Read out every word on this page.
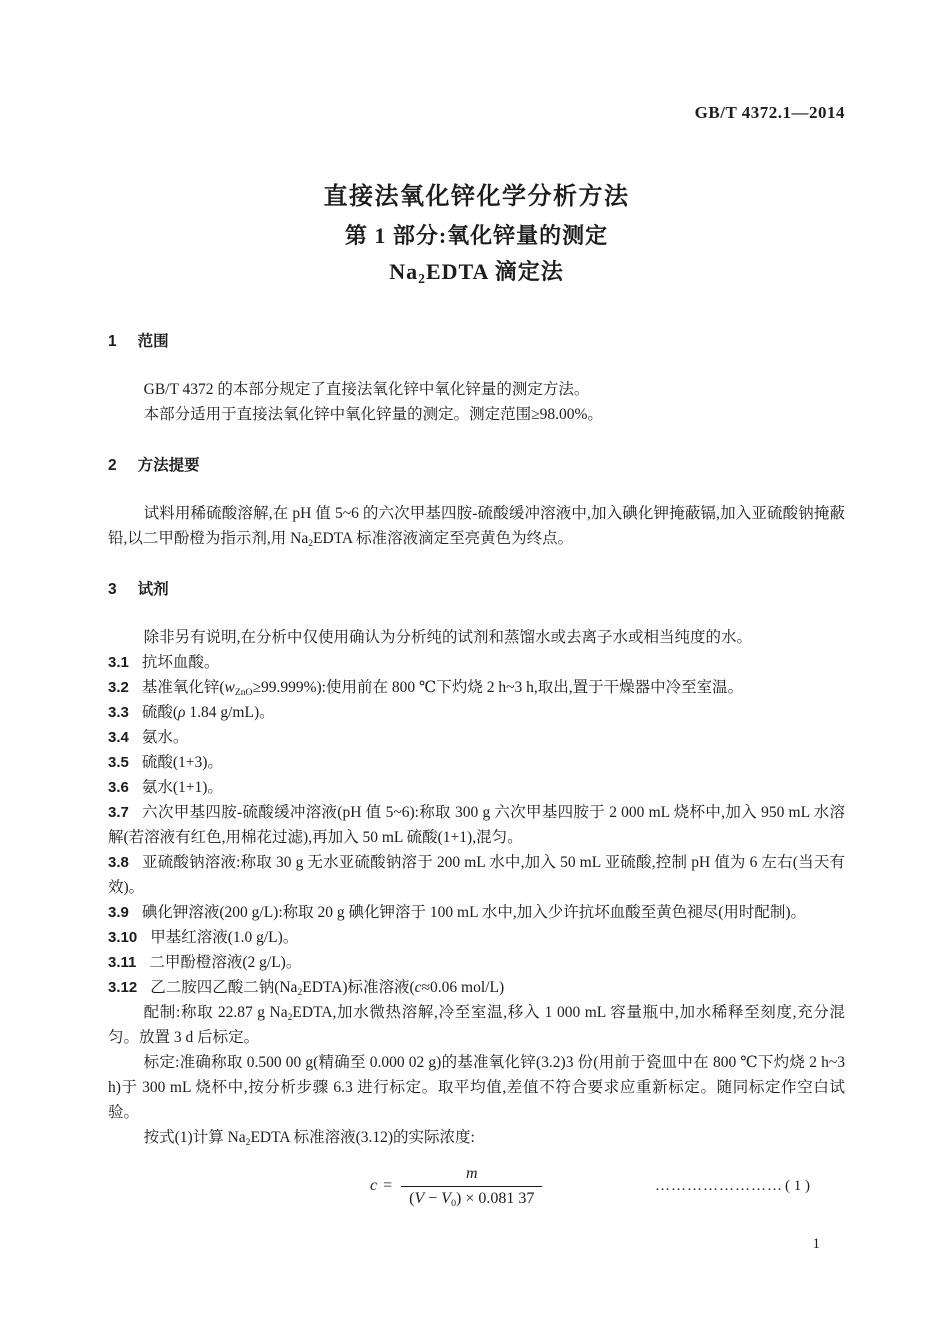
GB/T 4372.1—2014
直接法氧化锌化学分析方法
第 1 部分:氧化锌量的测定
$Na_2EDTA$ 滴定法
1 范围

GB/T 4372 的本部分规定了直接法氧化锌中氧化锌量的测定方法。

本部分适用于直接法氧化锌中氧化锌量的测定。测定范围≥98.00%。

2 方法提要

试料用稀硫酸溶解,在 pH 值 5~6 的六次甲基四胺-硫酸缓冲溶液中,加入碘化钾掩蔽镉,加入亚硫酸钠掩蔽铅,以二甲酚橙为指示剂,用 $Na_2EDTA$ 标准溶液滴定至亮黄色为终点。

3 试剂

除非另有说明,在分析中仅使用确认为分析纯的试剂和蒸馏水或去离子水或相当纯度的水。

3.1 抗坏血酸。

3.2 基准氧化锌$(w_{ZnO}\ge 99.999\%)$:使用前在 800 ℃下灼烧 2 h~3 h,取出,置于干燥器中冷至室温。

3.3 硫酸(ρ 1.84 g/mL)。

3.4 氨水。

3.5 硫酸(1+3)。

3.6 氨水(1+1)。

3.7 六次甲基四胺-硫酸缓冲溶液(pH 值 5~6):称取 300 g 六次甲基四胺于 2 000 mL 烧杯中,加入 950 mL 水溶解(若溶液有红色,用棉花过滤),再加入 50 mL 硫酸(1+1),混匀。

3.8 亚硫酸钠溶液:称取 30 g 无水亚硫酸钠溶于 200 mL 水中,加入 50 mL 亚硫酸,控制 pH 值为 6 左右(当天有效)。

3.9 碘化钾溶液(200 g/L):称取 20 g 碘化钾溶于 100 mL 水中,加入少许抗坏血酸至黄色褪尽(用时配制)。

3.10 甲基红溶液(1.0 g/L)。

3.11 二甲酚橙溶液(2 g/L)。

3.12 乙二胺四乙酸二钠$(Na_2EDTA)$标准溶液(c≈0.06 mol/L)

配制:称取 22.87 g $Na_2EDTA$,加水微热溶解,冷至室温,移入 1 000 mL 容量瓶中,加水稀释至刻度,充分混匀。放置 3 d 后标定。

标定:准确称取 0.500 00 g(精确至 0.000 02 g)的基准氧化锌(3.2)3 份(用前于瓷皿中在 800 ℃下灼烧 2 h~3 h)于 300 mL 烧杯中,按分析步骤 6.3 进行标定。取平均值,差值不符合要求应重新标定。随同标定作空白试验。

按式(1)计算 $Na_2EDTA$ 标准溶液(3.12)的实际浓度:

$c = \frac{m}{(V - V_0) \times 0.081 37}$	…………………… ( 1 )
1
